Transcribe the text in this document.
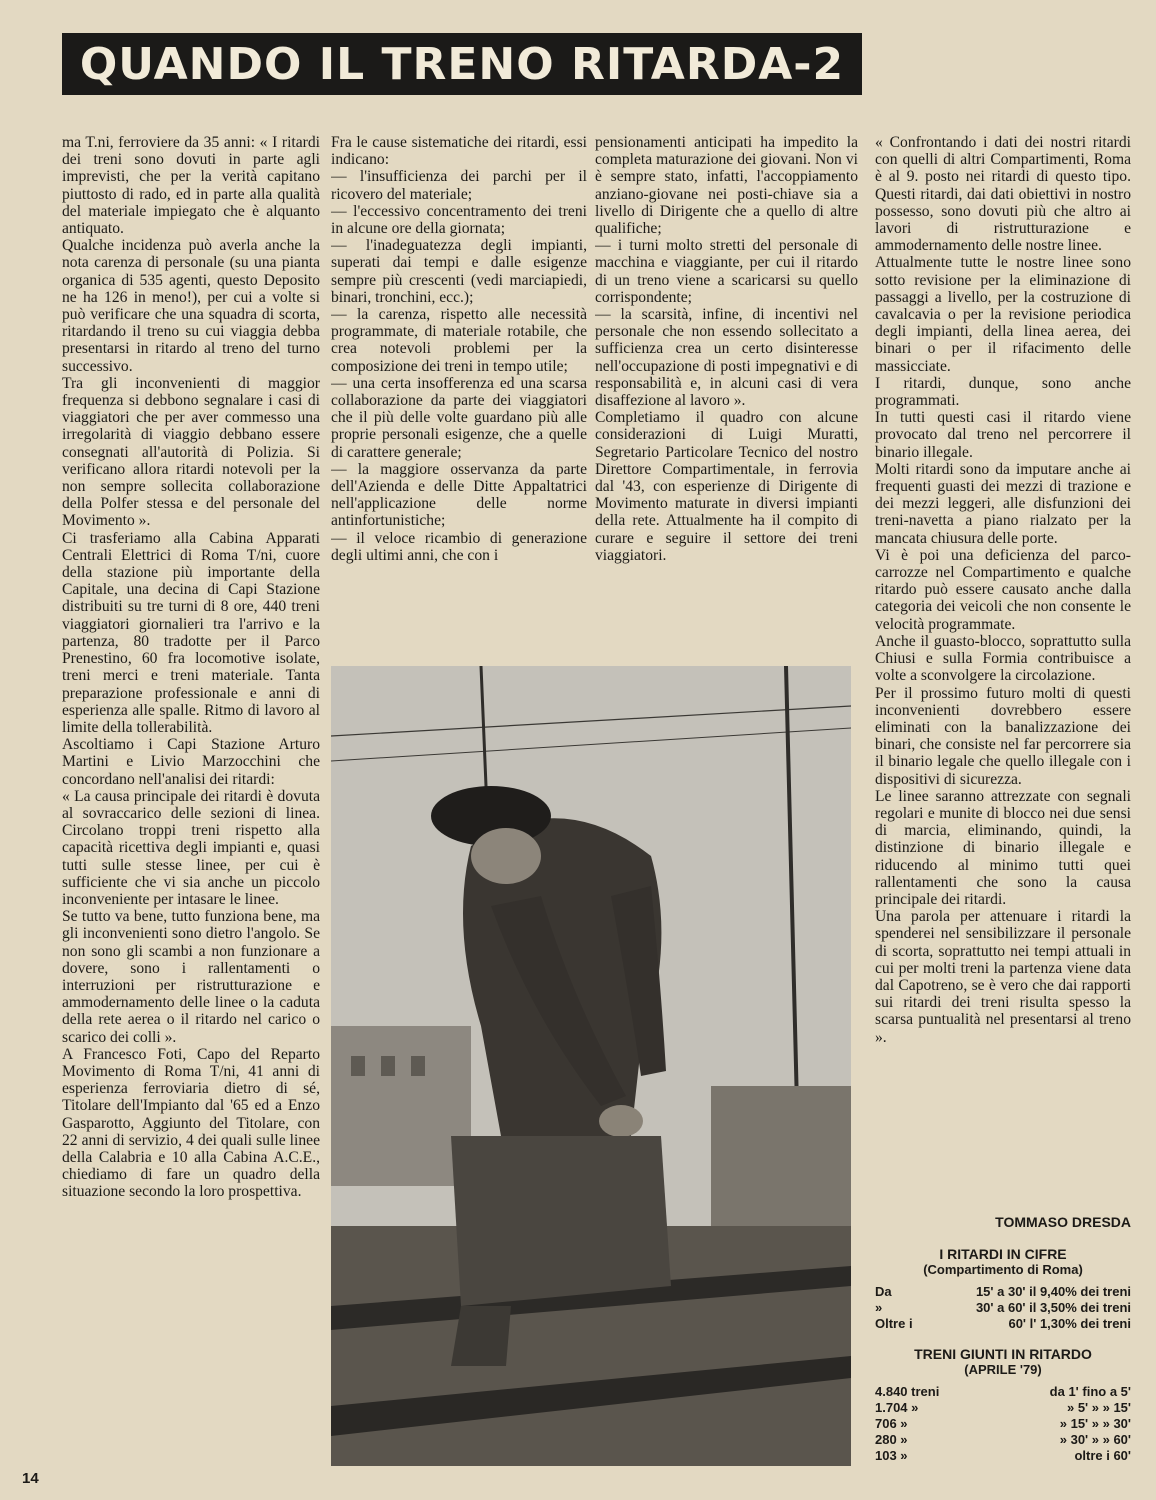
QUANDO IL TRENO RITARDA-2

ma T.ni, ferroviere da 35 anni: « I ritardi dei treni sono dovuti in parte agli imprevisti, che per la verità capitano piuttosto di rado, ed in parte alla qualità del materiale impiegato che è alquanto antiquato.

Qualche incidenza può averla anche la nota carenza di personale (su una pianta organica di 535 agenti, questo Deposito ne ha 126 in meno!), per cui a volte si può verificare che una squadra di scorta, ritardando il treno su cui viaggia debba presentarsi in ritardo al treno del turno successivo.

Tra gli inconvenienti di maggior frequenza si debbono segnalare i casi di viaggiatori che per aver commesso una irregolarità di viaggio debbano essere consegnati all'autorità di Polizia. Si verificano allora ritardi notevoli per la non sempre sollecita collaborazione della Polfer stessa e del personale del Movimento ».

Ci trasferiamo alla Cabina Apparati Centrali Elettrici di Roma T/ni, cuore della stazione più importante della Capitale, una decina di Capi Stazione distribuiti su tre turni di 8 ore, 440 treni viaggiatori giornalieri tra l'arrivo e la partenza, 80 tradotte per il Parco Prenestino, 60 fra locomotive isolate, treni merci e treni materiale. Tanta preparazione professionale e anni di esperienza alle spalle. Ritmo di lavoro al limite della tollerabilità.

Ascoltiamo i Capi Stazione Arturo Martini e Livio Marzocchini che concordano nell'analisi dei ritardi:

« La causa principale dei ritardi è dovuta al sovraccarico delle sezioni di linea. Circolano troppi treni rispetto alla capacità ricettiva degli impianti e, quasi tutti sulle stesse linee, per cui è sufficiente che vi sia anche un piccolo inconveniente per intasare le linee.

Se tutto va bene, tutto funziona bene, ma gli inconvenienti sono dietro l'angolo. Se non sono gli scambi a non funzionare a dovere, sono i rallentamenti o interruzioni per ristrutturazione e ammodernamento delle linee o la caduta della rete aerea o il ritardo nel carico o scarico dei colli ».

A Francesco Foti, Capo del Reparto Movimento di Roma T/ni, 41 anni di esperienza ferroviaria dietro di sé, Titolare dell'Impianto dal '65 ed a Enzo Gasparotto, Aggiunto del Titolare, con 22 anni di servizio, 4 dei quali sulle linee della Calabria e 10 alla Cabina A.C.E., chiediamo di fare un quadro della situazione secondo la loro prospettiva.

Fra le cause sistematiche dei ritardi, essi indicano:

— l'insufficienza dei parchi per il ricovero del materiale;

— l'eccessivo concentramento dei treni in alcune ore della giornata;

— l'inadeguatezza degli impianti, superati dai tempi e dalle esigenze sempre più crescenti (vedi marciapiedi, binari, tronchini, ecc.);

— la carenza, rispetto alle necessità programmate, di materiale rotabile, che crea notevoli problemi per la composizione dei treni in tempo utile;

— una certa insofferenza ed una scarsa collaborazione da parte dei viaggiatori che il più delle volte guardano più alle proprie personali esigenze, che a quelle di carattere generale;

— la maggiore osservanza da parte dell'Azienda e delle Ditte Appaltatrici nell'applicazione delle norme antinfortunistiche;

— il veloce ricambio di generazione degli ultimi anni, che con i

pensionamenti anticipati ha impedito la completa maturazione dei giovani. Non vi è sempre stato, infatti, l'accoppiamento anziano-giovane nei posti-chiave sia a livello di Dirigente che a quello di altre qualifiche;

— i turni molto stretti del personale di macchina e viaggiante, per cui il ritardo di un treno viene a scaricarsi su quello corrispondente;

— la scarsità, infine, di incentivi nel personale che non essendo sollecitato a sufficienza crea un certo disinteresse nell'occupazione di posti impegnativi e di responsabilità e, in alcuni casi di vera disaffezione al lavoro ».

Completiamo il quadro con alcune considerazioni di Luigi Muratti, Segretario Particolare Tecnico del nostro Direttore Compartimentale, in ferrovia dal '43, con esperienze di Dirigente di Movimento maturate in diversi impianti della rete. Attualmente ha il compito di curare e seguire il settore dei treni viaggiatori.

« Confrontando i dati dei nostri ritardi con quelli di altri Compartimenti, Roma è al 9. posto nei ritardi di questo tipo. Questi ritardi, dai dati obiettivi in nostro possesso, sono dovuti più che altro ai lavori di ristrutturazione e ammodernamento delle nostre linee.

Attualmente tutte le nostre linee sono sotto revisione per la eliminazione di passaggi a livello, per la costruzione di cavalcavia o per la revisione periodica degli impianti, della linea aerea, dei binari o per il rifacimento delle massicciate.

I ritardi, dunque, sono anche programmati.

In tutti questi casi il ritardo viene provocato dal treno nel percorrere il binario illegale.

Molti ritardi sono da imputare anche ai frequenti guasti dei mezzi di trazione e dei mezzi leggeri, alle disfunzioni dei treni-navetta a piano rialzato per la mancata chiusura delle porte.

Vi è poi una deficienza del parco-carrozze nel Compartimento e qualche ritardo può essere causato anche dalla categoria dei veicoli che non consente le velocità programmate.

Anche il guasto-blocco, soprattutto sulla Chiusi e sulla Formia contribuisce a volte a sconvolgere la circolazione.

Per il prossimo futuro molti di questi inconvenienti dovrebbero essere eliminati con la banalizzazione dei binari, che consiste nel far percorrere sia il binario legale che quello illegale con i dispositivi di sicurezza.

Le linee saranno attrezzate con segnali regolari e munite di blocco nei due sensi di marcia, eliminando, quindi, la distinzione di binario illegale e riducendo al minimo tutti quei rallentamenti che sono la causa principale dei ritardi.

Una parola per attenuare i ritardi la spenderei nel sensibilizzare il personale di scorta, soprattutto nei tempi attuali in cui per molti treni la partenza viene data dal Capotreno, se è vero che dai rapporti sui ritardi dei treni risulta spesso la scarsa puntualità nel presentarsi al treno ».

TOMMASO DRESDA
I RITARDI IN CIFRE
(Compartimento di Roma)
Da	15' a 30' il 9,40% dei treni
»	30' a 60' il 3,50% dei treni
Oltre i	60' l' 1,30% dei treni
TRENI GIUNTI IN RITARDO
(APRILE '79)
4.840 treni	da 1' fino a 5'
1.704 »	» 5' » » 15'
706 »	» 15' » » 30'
280 »	» 30' » » 60'
103 »	oltre i 60'
14
